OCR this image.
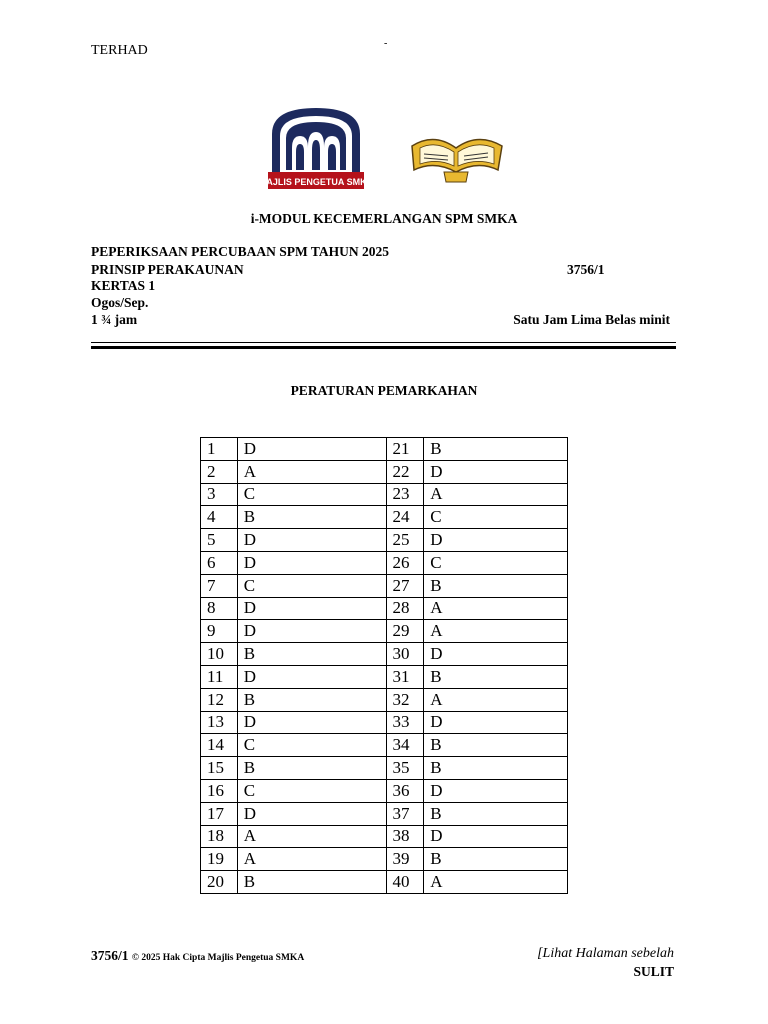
TERHAD	-
MAJLIS PENGETUA SMKA
i-MODUL KECEMERLANGAN SPM SMKA
PEPERIKSAAN PERCUBAAN SPM TAHUN 2025
PRINSIP PERAKAUNAN	3756/1
KERTAS 1
Ogos/Sep.
1 ¾ jam	Satu Jam Lima Belas minit
PERATURAN PEMARKAHAN
1	D	21	B
2	A	22	D
3	C	23	A
4	B	24	C
5	D	25	D
6	D	26	C
7	C	27	B
8	D	28	A
9	D	29	A
10	B	30	D
11	D	31	B
12	B	32	A
13	D	33	D
14	C	34	B
15	B	35	B
16	C	36	D
17	D	37	B
18	A	38	D
19	A	39	B
20	B	40	A
3756/1 © 2025 Hak Cipta Majlis Pengetua SMKA	[Lihat Halaman sebelah
SULIT
